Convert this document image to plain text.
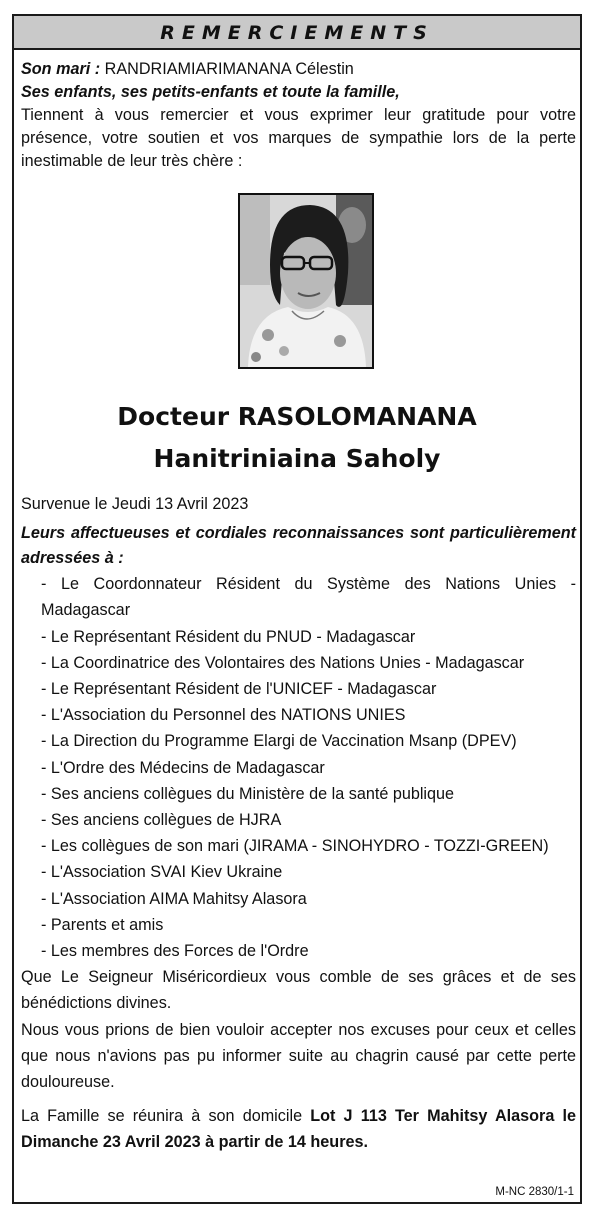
REMERCIEMENTS

Son mari : RANDRIAMIARIMANANA Célestin

Ses enfants, ses petits-enfants et toute la famille,

Tiennent à vous remercier et vous exprimer leur gratitude pour votre présence, votre soutien et vos marques de sympathie lors de la perte inestimable de leur très chère :

Docteur RASOLOMANANA
Hanitriniaina Saholy

Survenue le Jeudi 13 Avril 2023

Leurs affectueuses et cordiales reconnaissances sont particulièrement adressées à :

- Le Coordonnateur Résident du Système des Nations Unies - Madagascar
- Le Représentant Résident du PNUD - Madagascar
- La Coordinatrice des Volontaires des Nations Unies - Madagascar
- Le Représentant Résident de l'UNICEF - Madagascar
- L'Association du Personnel des NATIONS UNIES
- La Direction du Programme Elargi de Vaccination Msanp (DPEV)
- L'Ordre des Médecins de Madagascar
- Ses anciens collègues du Ministère de la santé publique
- Ses anciens collègues de HJRA
- Les collègues de son mari (JIRAMA - SINOHYDRO - TOZZI-GREEN)
- L'Association SVAI Kiev Ukraine
- L'Association AIMA Mahitsy Alasora
- Parents et amis
- Les membres des Forces de l'Ordre

Que Le Seigneur Miséricordieux vous comble de ses grâces et de ses bénédictions divines.

Nous vous prions de bien vouloir accepter nos excuses pour ceux et celles que nous n'avions pas pu informer suite au chagrin causé par cette perte douloureuse.

La Famille se réunira à son domicile Lot J 113 Ter Mahitsy Alasora le Dimanche 23 Avril 2023 à partir de 14 heures.

M-NC 2830/1-1
